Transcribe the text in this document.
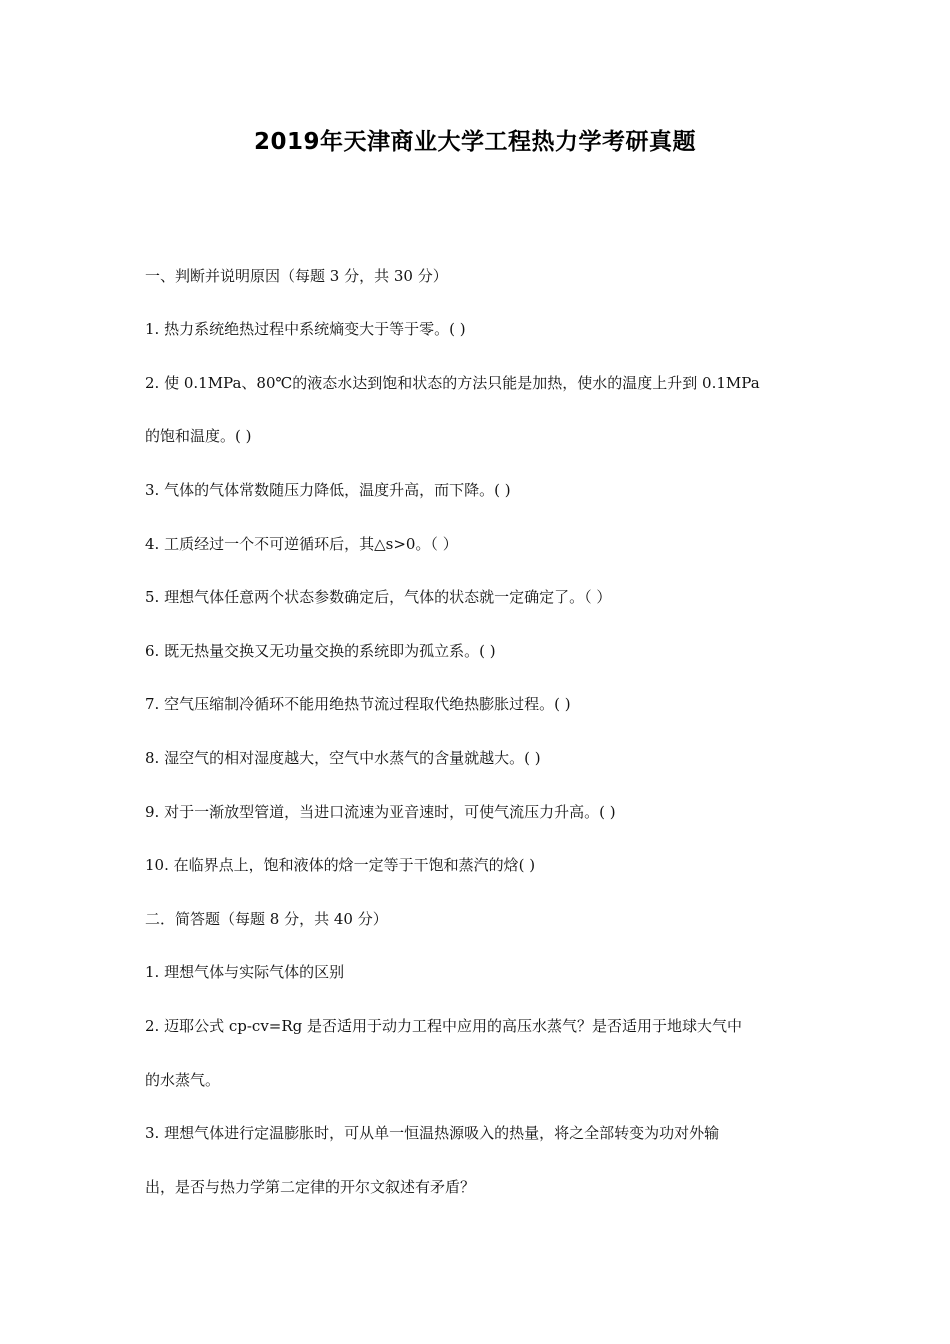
2019年天津商业大学工程热力学考研真题
一、判断并说明原因（每题 3 分，共 30 分）
1. 热力系统绝热过程中系统熵变大于等于零。( )
2. 使 0.1MPa、80℃的液态水达到饱和状态的方法只能是加热，使水的温度上升到 0.1MPa
的饱和温度。( )
3. 气体的气体常数随压力降低，温度升高，而下降。( )
4. 工质经过一个不可逆循环后，其△s>0。（ ）
5. 理想气体任意两个状态参数确定后，气体的状态就一定确定了。（ ）
6. 既无热量交换又无功量交换的系统即为孤立系。( )
7. 空气压缩制冷循环不能用绝热节流过程取代绝热膨胀过程。( )
8. 湿空气的相对湿度越大，空气中水蒸气的含量就越大。( )
9. 对于一渐放型管道，当进口流速为亚音速时，可使气流压力升高。( )
10. 在临界点上，饱和液体的焓一定等于干饱和蒸汽的焓( )
二．简答题（每题 8 分，共 40 分）
1. 理想气体与实际气体的区别
2. 迈耶公式 cp-cv=Rg 是否适用于动力工程中应用的高压水蒸气？是否适用于地球大气中
的水蒸气。
3. 理想气体进行定温膨胀时，可从单一恒温热源吸入的热量，将之全部转变为功对外输
出，是否与热力学第二定律的开尔文叙述有矛盾？
